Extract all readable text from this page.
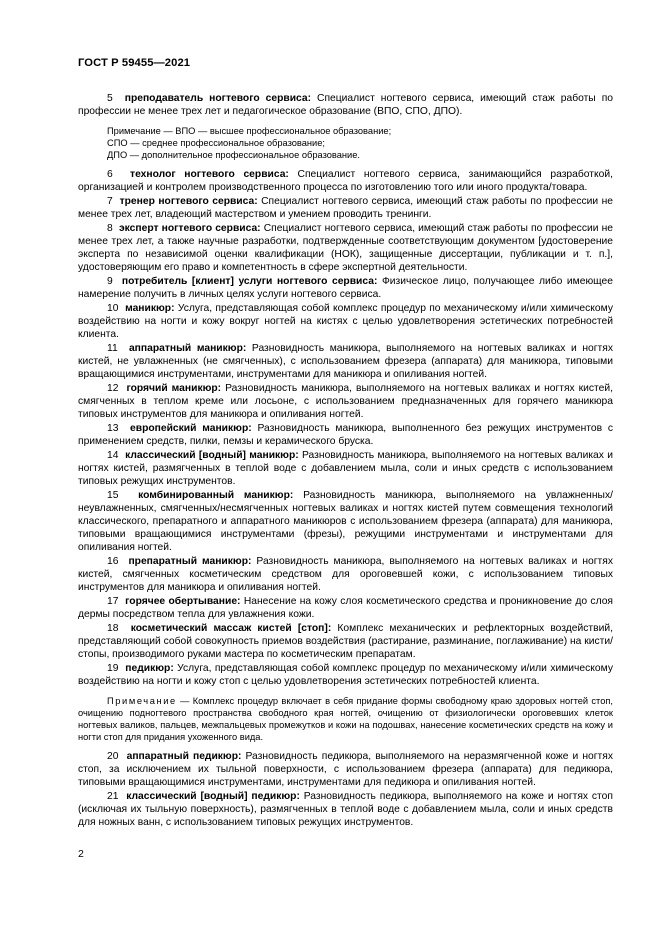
ГОСТ Р 59455—2021

5 преподаватель ногтевого сервиса: Специалист ногтевого сервиса, имеющий стаж работы по профессии не менее трех лет и педагогическое образование (ВПО, СПО, ДПО).

Примечание — ВПО — высшее профессиональное образование;

СПО — среднее профессиональное образование;

ДПО — дополнительное профессиональное образование.

6 технолог ногтевого сервиса: Специалист ногтевого сервиса, занимающийся разработкой, организацией и контролем производственного процесса по изготовлению того или иного продукта/товара.

7 тренер ногтевого сервиса: Специалист ногтевого сервиса, имеющий стаж работы по профессии не менее трех лет, владеющий мастерством и умением проводить тренинги.

8 эксперт ногтевого сервиса: Специалист ногтевого сервиса, имеющий стаж работы по профессии не менее трех лет, а также научные разработки, подтвержденные соответствующим документом [удостоверение эксперта по независимой оценки квалификации (НОК), защищенные диссертации, публикации и т. п.], удостоверяющим его право и компетентность в сфере экспертной деятельности.

9 потребитель [клиент] услуги ногтевого сервиса: Физическое лицо, получающее либо имеющее намерение получить в личных целях услуги ногтевого сервиса.

10 маникюр: Услуга, представляющая собой комплекс процедур по механическому и/или химическому воздействию на ногти и кожу вокруг ногтей на кистях с целью удовлетворения эстетических потребностей клиента.

11 аппаратный маникюр: Разновидность маникюра, выполняемого на ногтевых валиках и ногтях кистей, не увлажненных (не смягченных), с использованием фрезера (аппарата) для маникюра, типовыми вращающимися инструментами, инструментами для маникюра и опиливания ногтей.

12 горячий маникюр: Разновидность маникюра, выполняемого на ногтевых валиках и ногтях кистей, смягченных в теплом креме или лосьоне, с использованием предназначенных для горячего маникюра типовых инструментов для маникюра и опиливания ногтей.

13 европейский маникюр: Разновидность маникюра, выполненного без режущих инструментов с применением средств, пилки, пемзы и керамического бруска.

14 классический [водный] маникюр: Разновидность маникюра, выполняемого на ногтевых валиках и ногтях кистей, размягченных в теплой воде с добавлением мыла, соли и иных средств с использованием типовых режущих инструментов.

15 комбинированный маникюр: Разновидность маникюра, выполняемого на увлажненных/неувлажненных, смягченных/несмягченных ногтевых валиках и ногтях кистей путем совмещения технологий классического, препаратного и аппаратного маникюров с использованием фрезера (аппарата) для маникюра, типовыми вращающимися инструментами (фрезы), режущими инструментами и инструментами для опиливания ногтей.

16 препаратный маникюр: Разновидность маникюра, выполняемого на ногтевых валиках и ногтях кистей, смягченных косметическим средством для ороговевшей кожи, с использованием типовых инструментов для маникюра и опиливания ногтей.

17 горячее обертывание: Нанесение на кожу слоя косметического средства и проникновение до слоя дермы посредством тепла для увлажнения кожи.

18 косметический массаж кистей [стоп]: Комплекс механических и рефлекторных воздействий, представляющий собой совокупность приемов воздействия (растирание, разминание, поглаживание) на кисти/стопы, производимого руками мастера по косметическим препаратам.

19 педикюр: Услуга, представляющая собой комплекс процедур по механическому и/или химическому воздействию на ногти и кожу стоп с целью удовлетворения эстетических потребностей клиента.

Примечание — Комплекс процедур включает в себя придание формы свободному краю здоровых ногтей стоп, очищению подногтевого пространства свободного края ногтей, очищению от физиологически ороговевших клеток ногтевых валиков, пальцев, межпальцевых промежутков и кожи на подошвах, нанесение косметических средств на кожу и ногти стоп для придания ухоженного вида.

20 аппаратный педикюр: Разновидность педикюра, выполняемого на неразмягченной коже и ногтях стоп, за исключением их тыльной поверхности, с использованием фрезера (аппарата) для педикюра, типовыми вращающимися инструментами, инструментами для педикюра и опиливания ногтей.

21 классический [водный] педикюр: Разновидность педикюра, выполняемого на коже и ногтях стоп (исключая их тыльную поверхность), размягченных в теплой воде с добавлением мыла, соли и иных средств для ножных ванн, с использованием типовых режущих инструментов.

2
